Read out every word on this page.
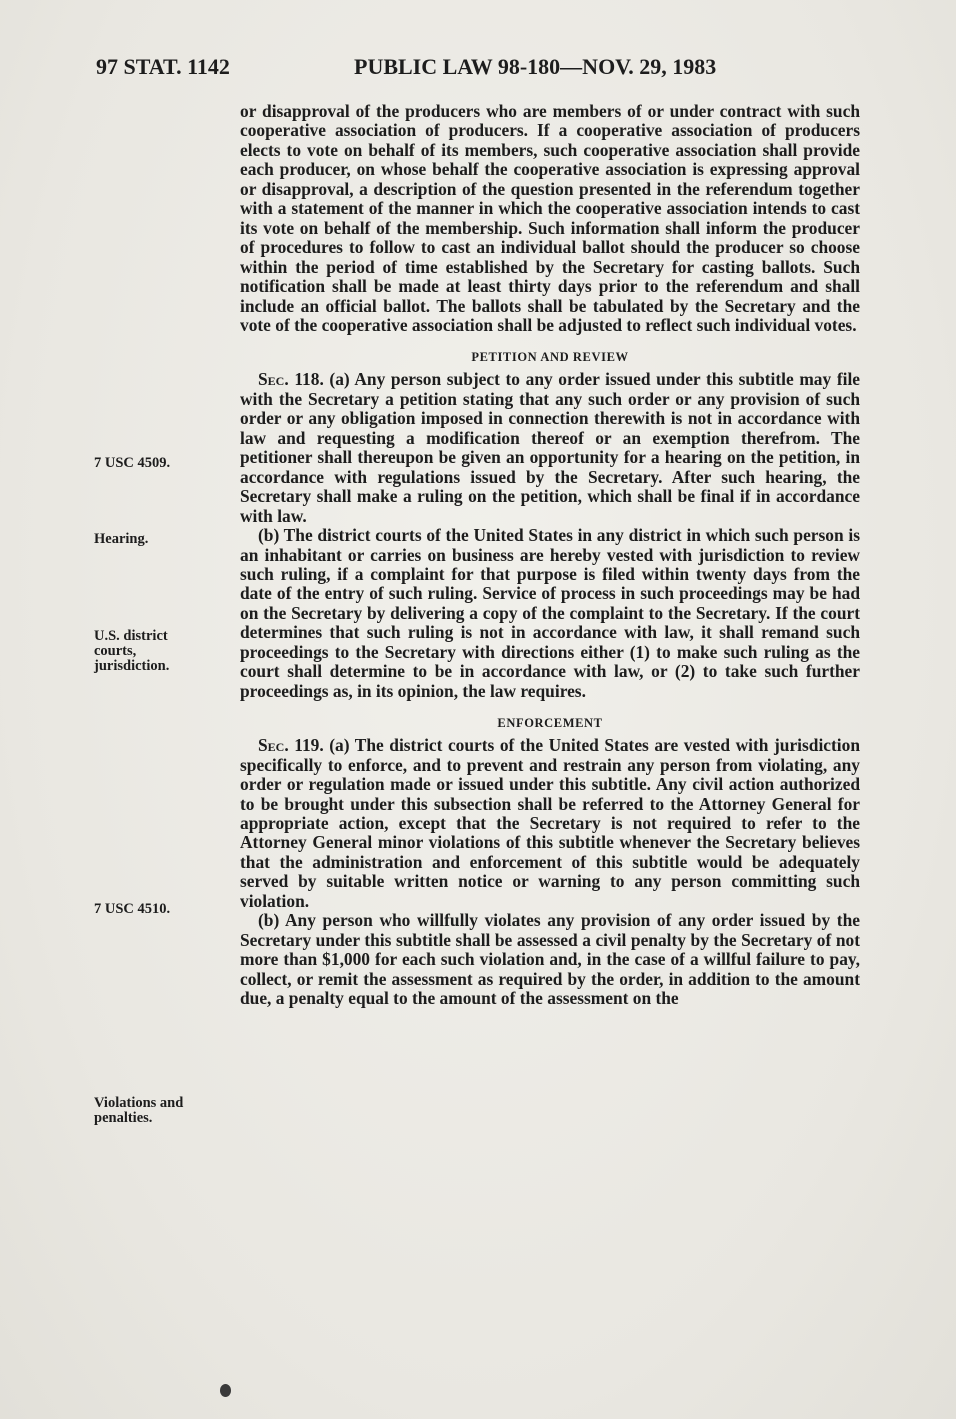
97 STAT. 1142	PUBLIC LAW 98-180—NOV. 29, 1983
7 USC 4509.
Hearing.
U.S. district courts, jurisdiction.
7 USC 4510.
Violations and penalties.

or disapproval of the producers who are members of or under contract with such cooperative association of producers. If a cooperative association of producers elects to vote on behalf of its members, such cooperative association shall provide each producer, on whose behalf the cooperative association is expressing approval or disapproval, a description of the question presented in the referendum together with a statement of the manner in which the cooperative association intends to cast its vote on behalf of the membership. Such information shall inform the producer of procedures to follow to cast an individual ballot should the producer so choose within the period of time established by the Secretary for casting ballots. Such notification shall be made at least thirty days prior to the referendum and shall include an official ballot. The ballots shall be tabulated by the Secretary and the vote of the cooperative association shall be adjusted to reflect such individual votes.

PETITION AND REVIEW

Sec. 118. (a) Any person subject to any order issued under this subtitle may file with the Secretary a petition stating that any such order or any provision of such order or any obligation imposed in connection therewith is not in accordance with law and requesting a modification thereof or an exemption therefrom. The petitioner shall thereupon be given an opportunity for a hearing on the petition, in accordance with regulations issued by the Secretary. After such hearing, the Secretary shall make a ruling on the petition, which shall be final if in accordance with law.

(b) The district courts of the United States in any district in which such person is an inhabitant or carries on business are hereby vested with jurisdiction to review such ruling, if a complaint for that purpose is filed within twenty days from the date of the entry of such ruling. Service of process in such proceedings may be had on the Secretary by delivering a copy of the complaint to the Secretary. If the court determines that such ruling is not in accordance with law, it shall remand such proceedings to the Secretary with directions either (1) to make such ruling as the court shall determine to be in accordance with law, or (2) to take such further proceedings as, in its opinion, the law requires.

ENFORCEMENT

Sec. 119. (a) The district courts of the United States are vested with jurisdiction specifically to enforce, and to prevent and restrain any person from violating, any order or regulation made or issued under this subtitle. Any civil action authorized to be brought under this subsection shall be referred to the Attorney General for appropriate action, except that the Secretary is not required to refer to the Attorney General minor violations of this subtitle whenever the Secretary believes that the administration and enforcement of this subtitle would be adequately served by suitable written notice or warning to any person committing such violation.

(b) Any person who willfully violates any provision of any order issued by the Secretary under this subtitle shall be assessed a civil penalty by the Secretary of not more than $1,000 for each such violation and, in the case of a willful failure to pay, collect, or remit the assessment as required by the order, in addition to the amount due, a penalty equal to the amount of the assessment on the
